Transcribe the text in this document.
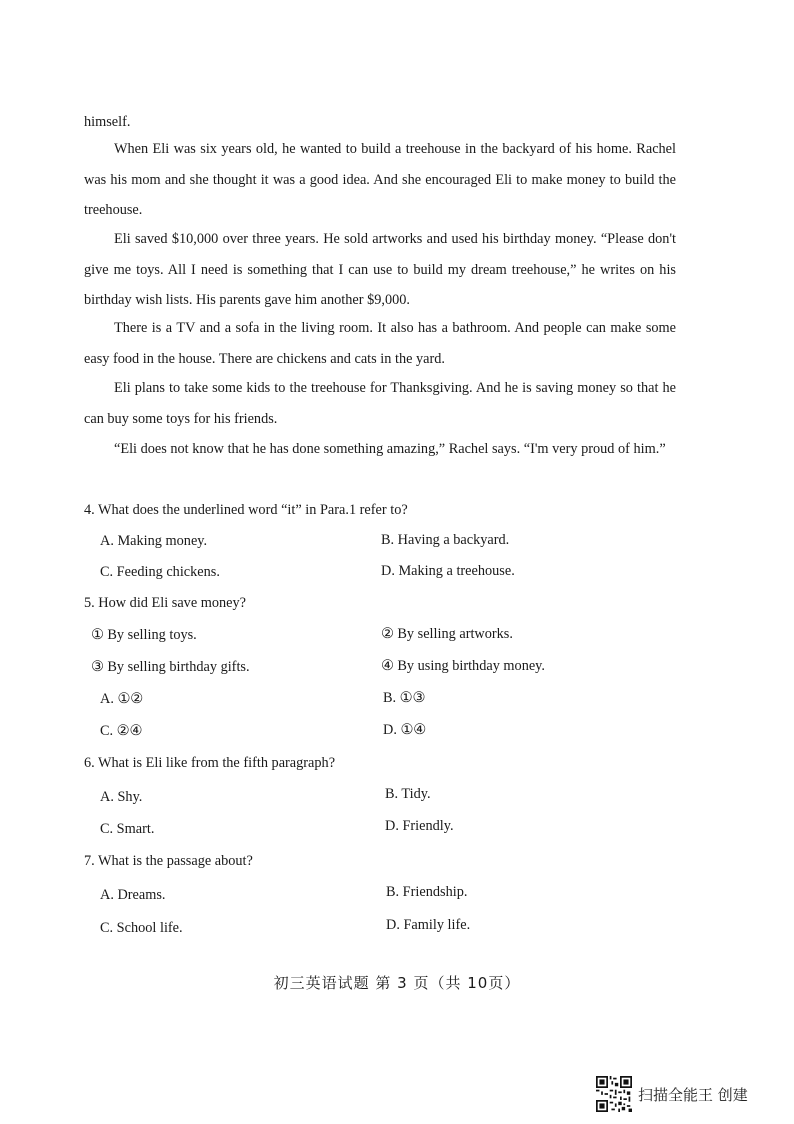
himself.

When Eli was six years old, he wanted to build a treehouse in the backyard of his home. Rachel was his mom and she thought it was a good idea. And she encouraged Eli to make money to build the treehouse.

Eli saved $10,000 over three years. He sold artworks and used his birthday money. “Please don't give me toys. All I need is something that I can use to build my dream treehouse,” he writes on his birthday wish lists. His parents gave him another $9,000.

There is a TV and a sofa in the living room. It also has a bathroom. And people can make some easy food in the house. There are chickens and cats in the yard.

Eli plans to take some kids to the treehouse for Thanksgiving. And he is saving money so that he can buy some toys for his friends.

“Eli does not know that he has done something amazing,” Rachel says. “I'm very proud of him.”

4. What does the underlined word “it” in Para.1 refer to?

A. Making money.	B. Having a backyard.

C. Feeding chickens.	D. Making a treehouse.

5. How did Eli save money?

① By selling toys.	② By selling artworks.

③ By selling birthday gifts.	④ By using birthday money.

A. ①②	B. ①③

C. ②④	D. ①④

6. What is Eli like from the fifth paragraph?

A. Shy.	B. Tidy.

C. Smart.	D. Friendly.

7. What is the passage about?

A. Dreams.	B. Friendship.

C. School life.	D. Family life.

初三英语试题 第 3 页（共 10页）
扫描全能王 创建
